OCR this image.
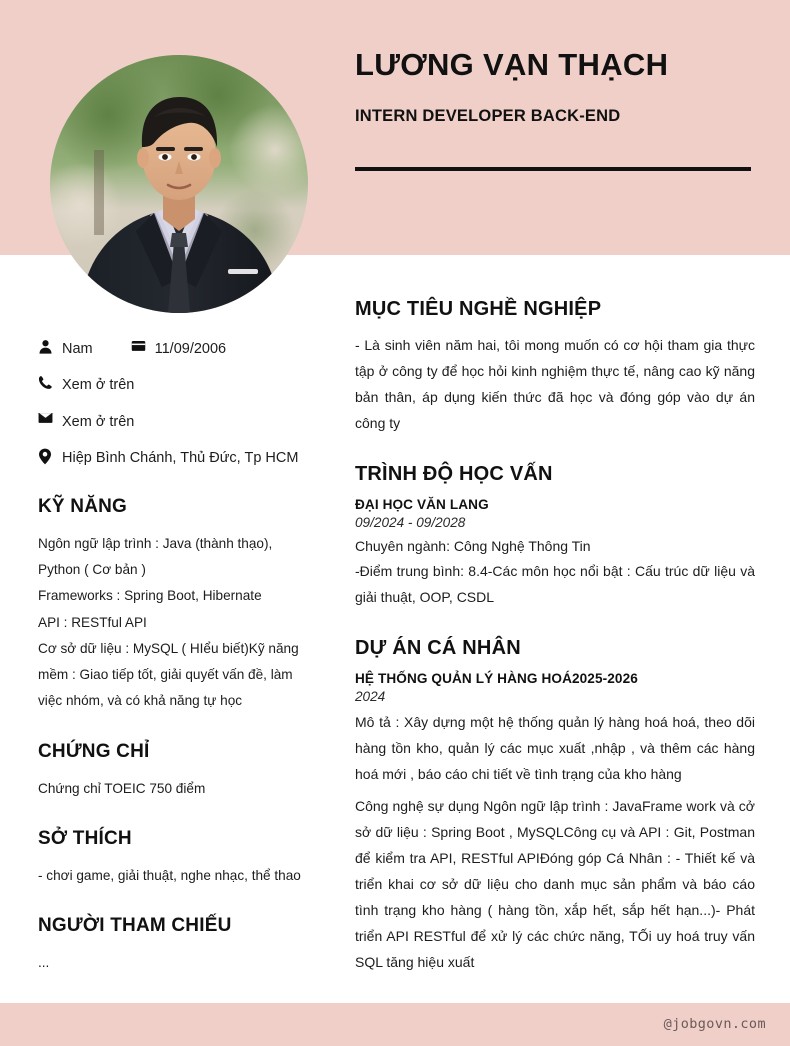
LƯƠNG VẠN THẠCH
INTERN DEVELOPER BACK-END
Nam	11/09/2006
Xem ở trên
Xem ở trên
Hiệp Bình Chánh, Thủ Đức, Tp HCM
KỸ NĂNG

Ngôn ngữ lập trình : Java (thành thạo), Python ( Cơ bản )

Frameworks : Spring Boot, Hibernate

API : RESTful API

Cơ sở dữ liệu : MySQL ( HIểu biết)Kỹ năng mềm : Giao tiếp tốt, giải quyết vấn đề, làm việc nhóm, và có khả năng tự học

CHỨNG CHỈ

Chứng chỉ TOEIC 750 điểm

SỞ THÍCH

- chơi game, giải thuật, nghe nhạc, thể thao

NGƯỜI THAM CHIẾU

...

MỤC TIÊU NGHỀ NGHIỆP

- Là sinh viên năm hai, tôi mong muốn có cơ hội tham gia thực tập ở công ty để học hỏi kinh nghiệm thực tế, nâng cao kỹ năng bản thân, áp dụng kiến thức đã học và đóng góp vào dự án công ty

TRÌNH ĐỘ HỌC VẤN
ĐẠI HỌC VĂN LANG
09/2024 - 09/2028

Chuyên ngành: Công Nghệ Thông Tin

-Điểm trung bình: 8.4-Các môn học nổi bật : Cấu trúc dữ liệu và giải thuật, OOP, CSDL

DỰ ÁN CÁ NHÂN
HỆ THỐNG QUẢN LÝ HÀNG HOÁ2025-2026
2024

Mô tả : Xây dựng một hệ thống quản lý hàng hoá hoá, theo dõi hàng tồn kho, quản lý các mục xuất ,nhập , và thêm các hàng hoá mới , báo cáo chi tiết về tình trạng của kho hàng

Công nghệ sự dụng Ngôn ngữ lập trình : JavaFrame work và cở sở dữ liệu : Spring Boot , MySQLCông cụ và API : Git, Postman để kiểm tra API, RESTful APIĐóng góp Cá Nhân : - Thiết kế và triển khai cơ sở dữ liệu cho danh mục sản phẩm và báo cáo tình trạng kho hàng ( hàng tồn, xắp hết, sắp hết hạn...)- Phát triển API RESTful để xử lý các chức năng, TỐi uy hoá truy vấn SQL tăng hiệu xuất

@jobgovn.com
